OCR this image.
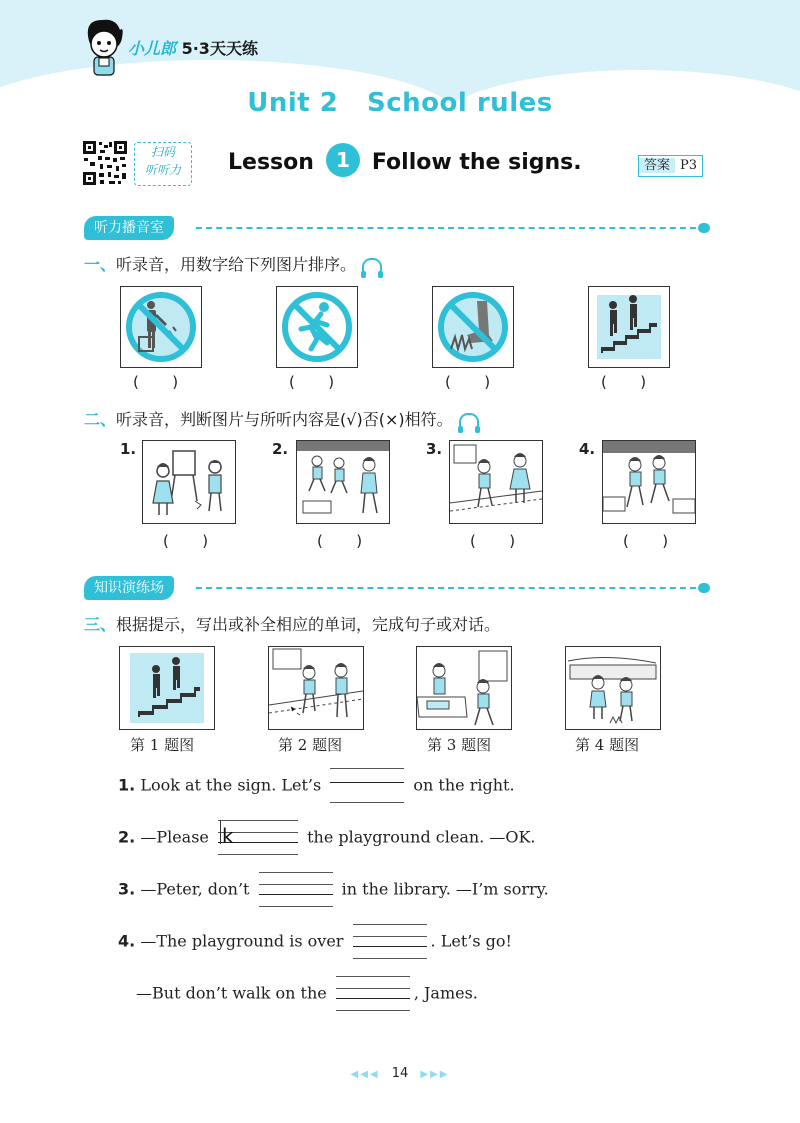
小儿郎 5·3天天练
Unit 2   School rules
扫码
听听力	Lesson 1 Follow the signs.	答案 P3
听力播音室
一、听录音，用数字给下列图片排序。
(       )	(       )	(       )	(       )
二、听录音，判断图片与所听内容是(√)否(×)相符。
1.	2.	3.	4.
(       )	(       )	(       )	(       )
知识演练场
三、根据提示，写出或补全相应的单词，完成句子或对话。
第 1 题图	第 2 题图	第 3 题图	第 4 题图
1. Look at the sign. Let’s	on the right.
2. —Please k	the playground clean. —OK.
3. —Peter, don’t	in the library. —I’m sorry.
4. —The playground is over	. Let’s go!
—But don’t walk on the	, James.
◀◀◀ 14 ▶▶▶
